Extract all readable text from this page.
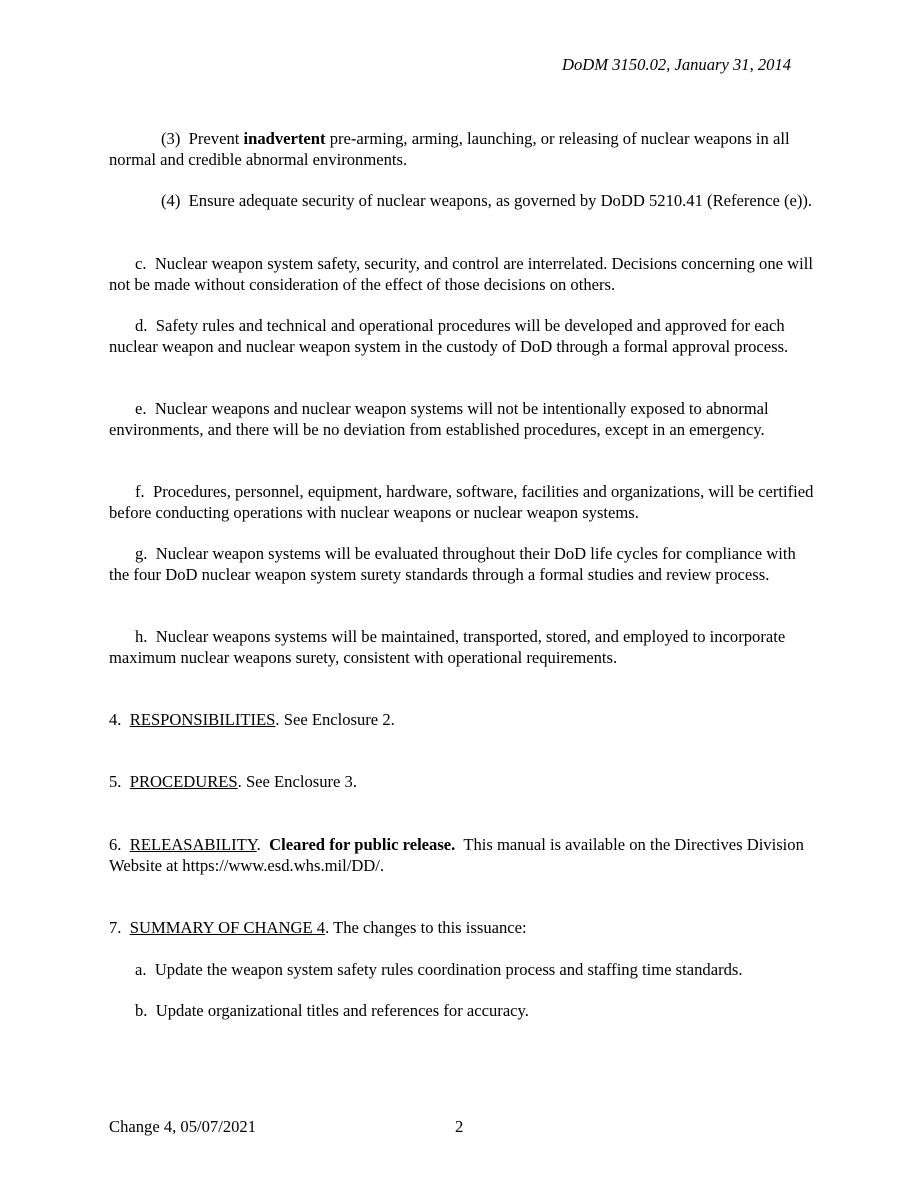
DoDM 3150.02, January 31, 2014
(3) Prevent inadvertent pre-arming, arming, launching, or releasing of nuclear weapons in all normal and credible abnormal environments.
(4) Ensure adequate security of nuclear weapons, as governed by DoDD 5210.41 (Reference (e)).
c. Nuclear weapon system safety, security, and control are interrelated. Decisions concerning one will not be made without consideration of the effect of those decisions on others.
d. Safety rules and technical and operational procedures will be developed and approved for each nuclear weapon and nuclear weapon system in the custody of DoD through a formal approval process.
e. Nuclear weapons and nuclear weapon systems will not be intentionally exposed to abnormal environments, and there will be no deviation from established procedures, except in an emergency.
f. Procedures, personnel, equipment, hardware, software, facilities and organizations, will be certified before conducting operations with nuclear weapons or nuclear weapon systems.
g. Nuclear weapon systems will be evaluated throughout their DoD life cycles for compliance with the four DoD nuclear weapon system surety standards through a formal studies and review process.
h. Nuclear weapons systems will be maintained, transported, stored, and employed to incorporate maximum nuclear weapons surety, consistent with operational requirements.
4. RESPONSIBILITIES. See Enclosure 2.
5. PROCEDURES. See Enclosure 3.
6. RELEASABILITY.  Cleared for public release.  This manual is available on the Directives Division Website at https://www.esd.whs.mil/DD/.
7. SUMMARY OF CHANGE 4. The changes to this issuance:
a. Update the weapon system safety rules coordination process and staffing time standards.
b. Update organizational titles and references for accuracy.
Change 4, 05/07/2021	2
